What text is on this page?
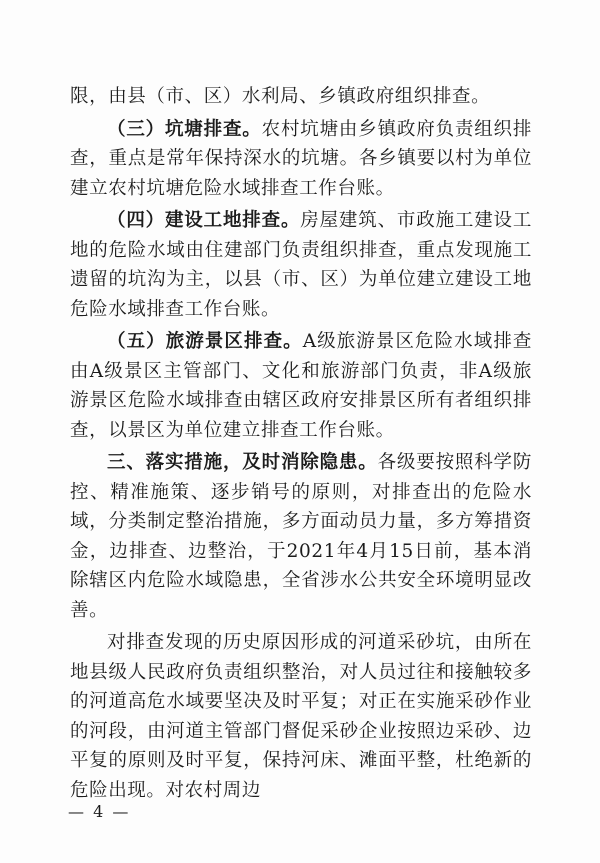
限，由县（市、区）水利局、乡镇政府组织排查。

（三）坑塘排查。农村坑塘由乡镇政府负责组织排查，重点是常年保持深水的坑塘。各乡镇要以村为单位建立农村坑塘危险水域排查工作台账。

（四）建设工地排查。房屋建筑、市政施工建设工地的危险水域由住建部门负责组织排查，重点发现施工遗留的坑沟为主，以县（市、区）为单位建立建设工地危险水域排查工作台账。

（五）旅游景区排查。A级旅游景区危险水域排查由A级景区主管部门、文化和旅游部门负责，非A级旅游景区危险水域排查由辖区政府安排景区所有者组织排查，以景区为单位建立排查工作台账。

三、落实措施，及时消除隐患。各级要按照科学防控、精准施策、逐步销号的原则，对排查出的危险水域，分类制定整治措施，多方面动员力量，多方筹措资金，边排查、边整治，于2021年4月15日前，基本消除辖区内危险水域隐患，全省涉水公共安全环境明显改善。

对排查发现的历史原因形成的河道采砂坑，由所在地县级人民政府负责组织整治，对人员过往和接触较多的河道高危水域要坚决及时平复；对正在实施采砂作业的河段，由河道主管部门督促采砂企业按照边采砂、边平复的原则及时平复，保持河床、滩面平整，杜绝新的危险出现。对农村周边

— 4 —
